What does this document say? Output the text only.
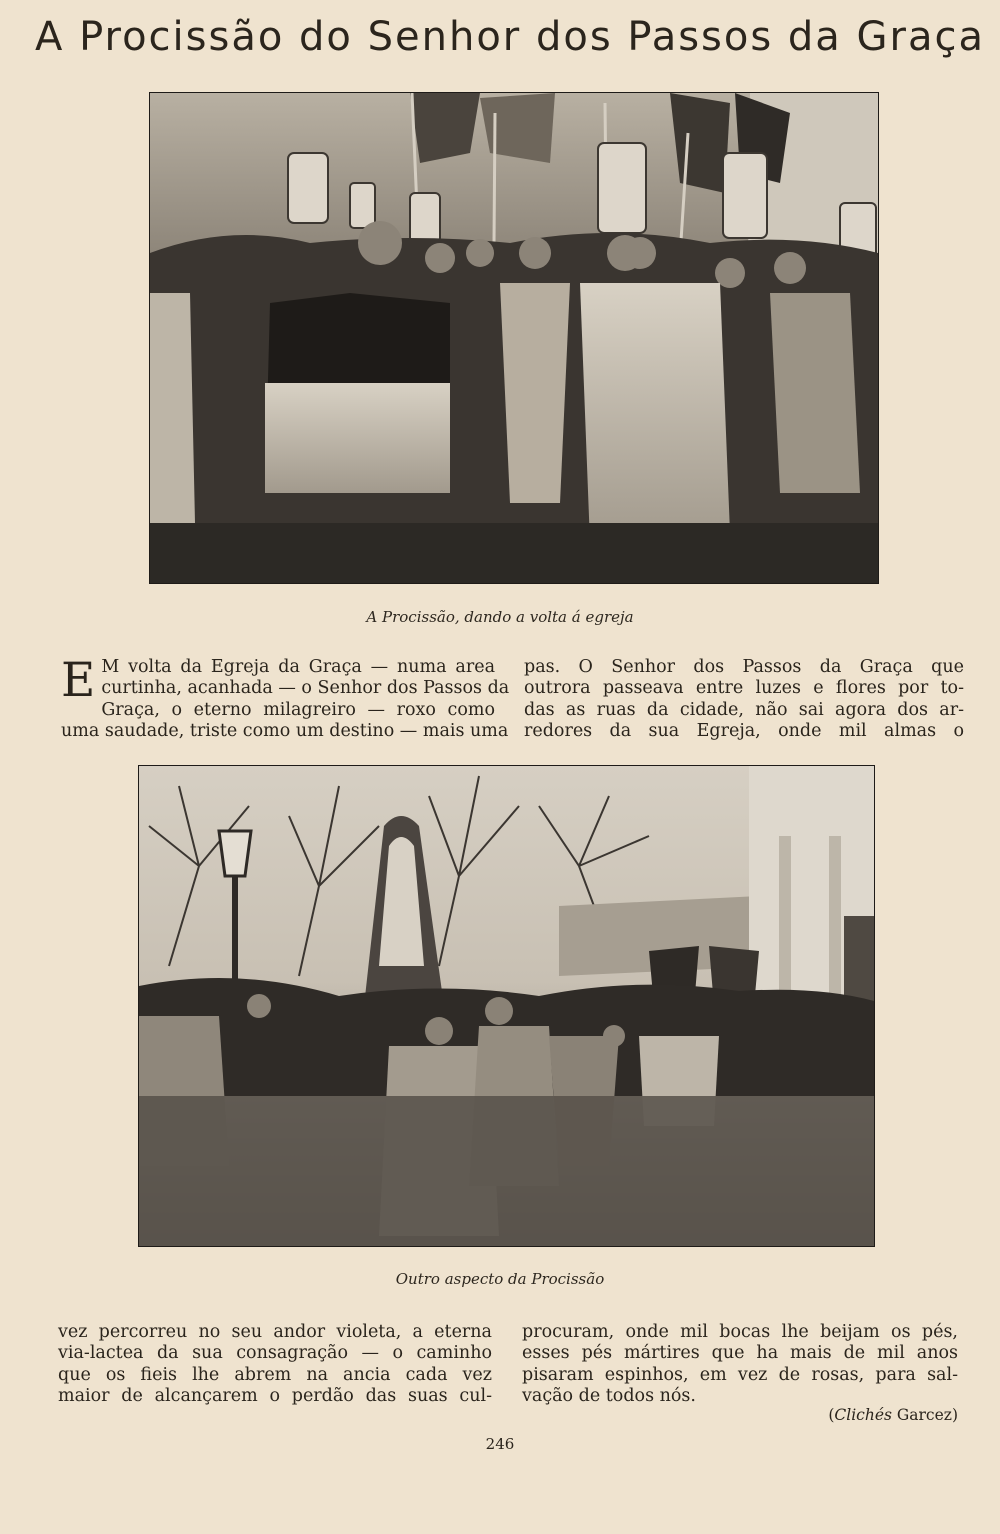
A Procissão do Senhor dos Passos da Graça
A Procissão, dando a volta á egreja
E M volta da Egreja da Graça — numa area
curtinha, acanhada — o Senhor dos Passos da
Graça, o eterno milagreiro — roxo como
uma saudade, triste como um destino — mais uma
pas. O Senhor dos Passos da Graça que
outrora passeava entre luzes e flores por to-
das as ruas da cidade, não sai agora dos ar-
redores da sua Egreja, onde mil almas o
Outro aspecto da Procissão
vez percorreu no seu andor violeta, a eterna
via-lactea da sua consagração — o caminho
que os fieis lhe abrem na ancia cada vez
maior de alcançarem o perdão das suas cul-
procuram, onde mil bocas lhe beijam os pés,
esses pés mártires que ha mais de mil anos
pisaram espinhos, em vez de rosas, para sal-
vação de todos nós.
(Clichés Garcez)
246
